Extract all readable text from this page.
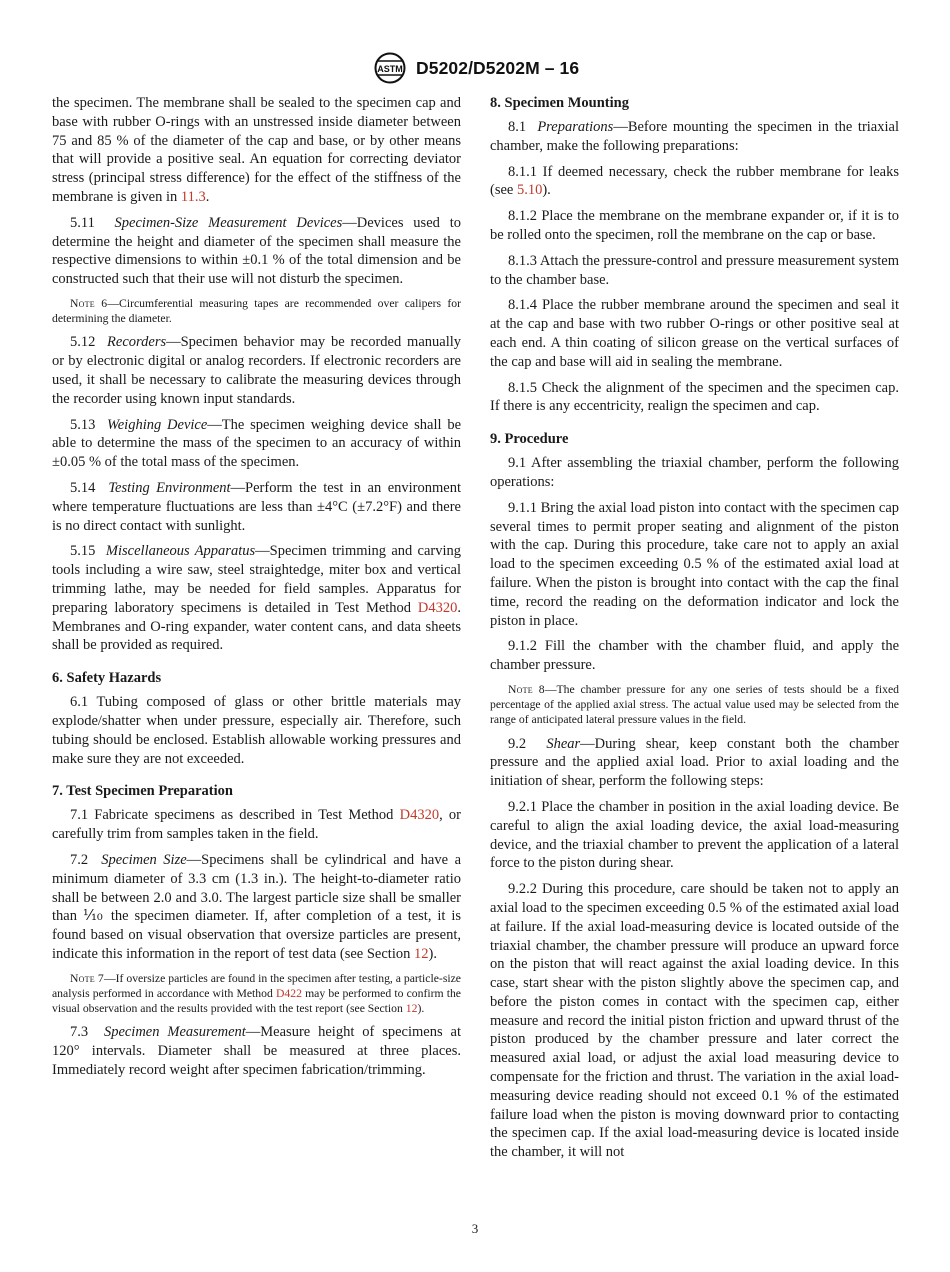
ASTM D5202/D5202M – 16

the specimen. The membrane shall be sealed to the specimen cap and base with rubber O-rings with an unstressed inside diameter between 75 and 85 % of the diameter of the cap and base, or by other means that will provide a positive seal. An equation for correcting deviator stress (principal stress difference) for the effect of the stiffness of the membrane is given in 11.3.

5.11 Specimen-Size Measurement Devices—Devices used to determine the height and diameter of the specimen shall measure the respective dimensions to within ±0.1 % of the total dimension and be constructed such that their use will not disturb the specimen.

Note 6—Circumferential measuring tapes are recommended over calipers for determining the diameter.

5.12 Recorders—Specimen behavior may be recorded manually or by electronic digital or analog recorders. If electronic recorders are used, it shall be necessary to calibrate the measuring devices through the recorder using known input standards.

5.13 Weighing Device—The specimen weighing device shall be able to determine the mass of the specimen to an accuracy of within ±0.05 % of the total mass of the specimen.

5.14 Testing Environment—Perform the test in an environment where temperature fluctuations are less than ±4°C (±7.2°F) and there is no direct contact with sunlight.

5.15 Miscellaneous Apparatus—Specimen trimming and carving tools including a wire saw, steel straightedge, miter box and vertical trimming lathe, may be needed for field samples. Apparatus for preparing laboratory specimens is detailed in Test Method D4320. Membranes and O-ring expander, water content cans, and data sheets shall be provided as required.

6. Safety Hazards

6.1 Tubing composed of glass or other brittle materials may explode/shatter when under pressure, especially air. Therefore, such tubing should be enclosed. Establish allowable working pressures and make sure they are not exceeded.

7. Test Specimen Preparation

7.1 Fabricate specimens as described in Test Method D4320, or carefully trim from samples taken in the field.

7.2 Specimen Size—Specimens shall be cylindrical and have a minimum diameter of 3.3 cm (1.3 in.). The height-to-diameter ratio shall be between 2.0 and 3.0. The largest particle size shall be smaller than ⅒ the specimen diameter. If, after completion of a test, it is found based on visual observation that oversize particles are present, indicate this information in the report of test data (see Section 12).

Note 7—If oversize particles are found in the specimen after testing, a particle-size analysis performed in accordance with Method D422 may be performed to confirm the visual observation and the results provided with the test report (see Section 12).

7.3 Specimen Measurement—Measure height of specimens at 120° intervals. Diameter shall be measured at three places. Immediately record weight after specimen fabrication/trimming.

8. Specimen Mounting

8.1 Preparations—Before mounting the specimen in the triaxial chamber, make the following preparations:

8.1.1 If deemed necessary, check the rubber membrane for leaks (see 5.10).

8.1.2 Place the membrane on the membrane expander or, if it is to be rolled onto the specimen, roll the membrane on the cap or base.

8.1.3 Attach the pressure-control and pressure measurement system to the chamber base.

8.1.4 Place the rubber membrane around the specimen and seal it at the cap and base with two rubber O-rings or other positive seal at each end. A thin coating of silicon grease on the vertical surfaces of the cap and base will aid in sealing the membrane.

8.1.5 Check the alignment of the specimen and the specimen cap. If there is any eccentricity, realign the specimen and cap.

9. Procedure

9.1 After assembling the triaxial chamber, perform the following operations:

9.1.1 Bring the axial load piston into contact with the specimen cap several times to permit proper seating and alignment of the piston with the cap. During this procedure, take care not to apply an axial load to the specimen exceeding 0.5 % of the estimated axial load at failure. When the piston is brought into contact with the cap the final time, record the reading on the deformation indicator and lock the piston in place.

9.1.2 Fill the chamber with the chamber fluid, and apply the chamber pressure.

Note 8—The chamber pressure for any one series of tests should be a fixed percentage of the applied axial stress. The actual value used may be selected from the range of anticipated lateral pressure values in the field.

9.2 Shear—During shear, keep constant both the chamber pressure and the applied axial load. Prior to axial loading and the initiation of shear, perform the following steps:

9.2.1 Place the chamber in position in the axial loading device. Be careful to align the axial loading device, the axial load-measuring device, and the triaxial chamber to prevent the application of a lateral force to the piston during shear.

9.2.2 During this procedure, care should be taken not to apply an axial load to the specimen exceeding 0.5 % of the estimated axial load at failure. If the axial load-measuring device is located outside of the triaxial chamber, the chamber pressure will produce an upward force on the piston that will react against the axial loading device. In this case, start shear with the piston slightly above the specimen cap, and before the piston comes in contact with the specimen cap, either measure and record the initial piston friction and upward thrust of the piston produced by the chamber pressure and later correct the measured axial load, or adjust the axial load measuring device to compensate for the friction and thrust. The variation in the axial load-measuring device reading should not exceed 0.1 % of the estimated failure load when the piston is moving downward prior to contacting the specimen cap. If the axial load-measuring device is located inside the chamber, it will not

3
